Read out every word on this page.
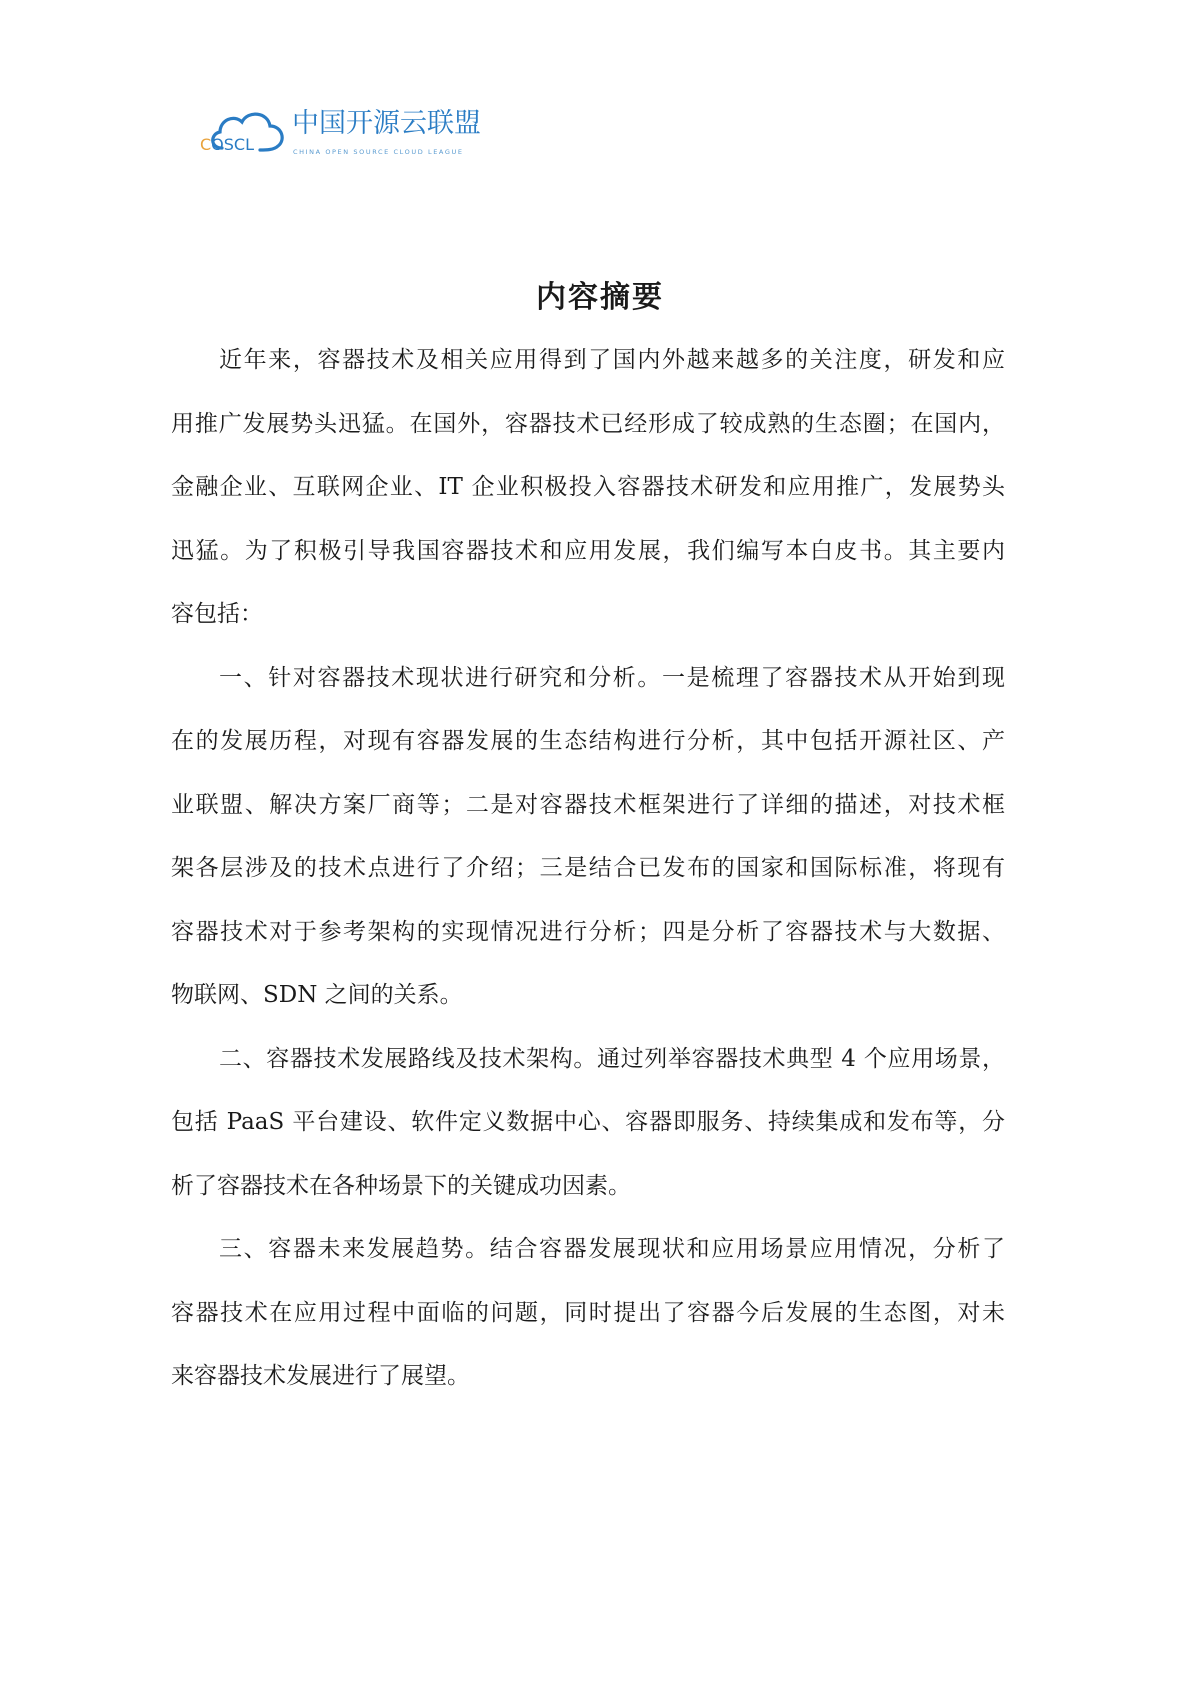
COSCL
中国开源云联盟
CHINA OPEN SOURCE CLOUD LEAGUE
内容摘要
近年来，容器技术及相关应用得到了国内外越来越多的关注度，研发和应
用推广发展势头迅猛。在国外，容器技术已经形成了较成熟的生态圈；在国内，
金融企业、互联网企业、IT 企业积极投入容器技术研发和应用推广，发展势头
迅猛。为了积极引导我国容器技术和应用发展，我们编写本白皮书。其主要内
容包括：
一、针对容器技术现状进行研究和分析。一是梳理了容器技术从开始到现
在的发展历程，对现有容器发展的生态结构进行分析，其中包括开源社区、产
业联盟、解决方案厂商等；二是对容器技术框架进行了详细的描述，对技术框
架各层涉及的技术点进行了介绍；三是结合已发布的国家和国际标准，将现有
容器技术对于参考架构的实现情况进行分析；四是分析了容器技术与大数据、
物联网、SDN 之间的关系。
二、容器技术发展路线及技术架构。通过列举容器技术典型 4 个应用场景，
包括 PaaS 平台建设、软件定义数据中心、容器即服务、持续集成和发布等，分
析了容器技术在各种场景下的关键成功因素。
三、容器未来发展趋势。结合容器发展现状和应用场景应用情况，分析了
容器技术在应用过程中面临的问题，同时提出了容器今后发展的生态图，对未
来容器技术发展进行了展望。
